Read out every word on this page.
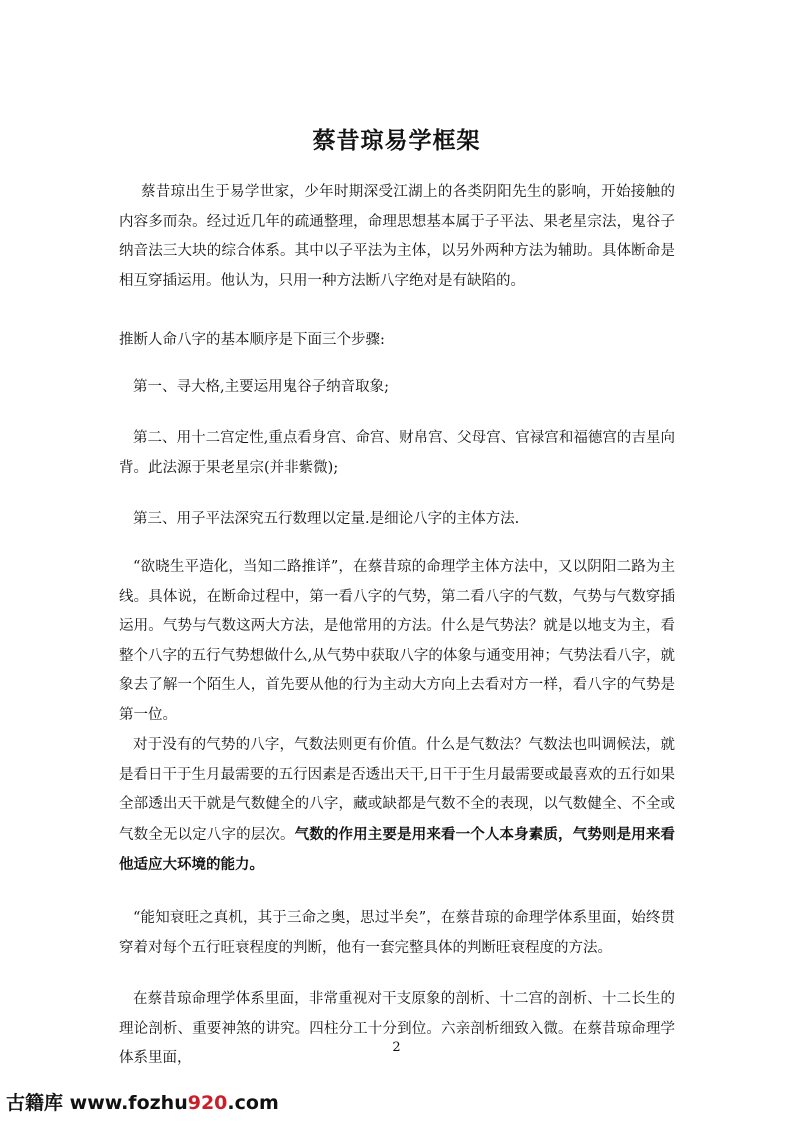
蔡昔琼易学框架

蔡昔琼出生于易学世家，少年时期深受江湖上的各类阴阳先生的影响，开始接触的内容多而杂。经过近几年的疏通整理，命理思想基本属于子平法、果老星宗法，鬼谷子纳音法三大块的综合体系。其中以子平法为主体，以另外两种方法为辅助。具体断命是相互穿插运用。他认为，只用一种方法断八字绝对是有缺陷的。

推断人命八字的基本顺序是下面三个步骤:

第一、寻大格,主要运用鬼谷子纳音取象;

第二、用十二宫定性,重点看身宫、命宫、财帛宫、父母宫、官禄宫和福德宫的吉星向背。此法源于果老星宗(并非紫微);

第三、用子平法深究五行数理以定量.是细论八字的主体方法.

“欲晓生平造化，当知二路推详”，在蔡昔琼的命理学主体方法中，又以阴阳二路为主线。具体说，在断命过程中，第一看八字的气势，第二看八字的气数，气势与气数穿插运用。气势与气数这两大方法，是他常用的方法。什么是气势法？就是以地支为主，看整个八字的五行气势想做什么,从气势中获取八字的体象与通变用神；气势法看八字，就象去了解一个陌生人，首先要从他的行为主动大方向上去看对方一样，看八字的气势是第一位。

对于没有的气势的八字，气数法则更有价值。什么是气数法？气数法也叫调候法，就是看日干于生月最需要的五行因素是否透出天干,日干于生月最需要或最喜欢的五行如果全部透出天干就是气数健全的八字，藏或缺都是气数不全的表现，以气数健全、不全或气数全无以定八字的层次。气数的作用主要是用来看一个人本身素质，气势则是用来看他适应大环境的能力。

“能知衰旺之真机，其于三命之奥，思过半矣”，在蔡昔琼的命理学体系里面，始终贯穿着对每个五行旺衰程度的判断，他有一套完整具体的判断旺衰程度的方法。

在蔡昔琼命理学体系里面，非常重视对干支原象的剖析、十二宫的剖析、十二长生的理论剖析、重要神煞的讲究。四柱分工十分到位。六亲剖析细致入微。在蔡昔琼命理学体系里面，

2
古籍库 www.fozhu920.com
